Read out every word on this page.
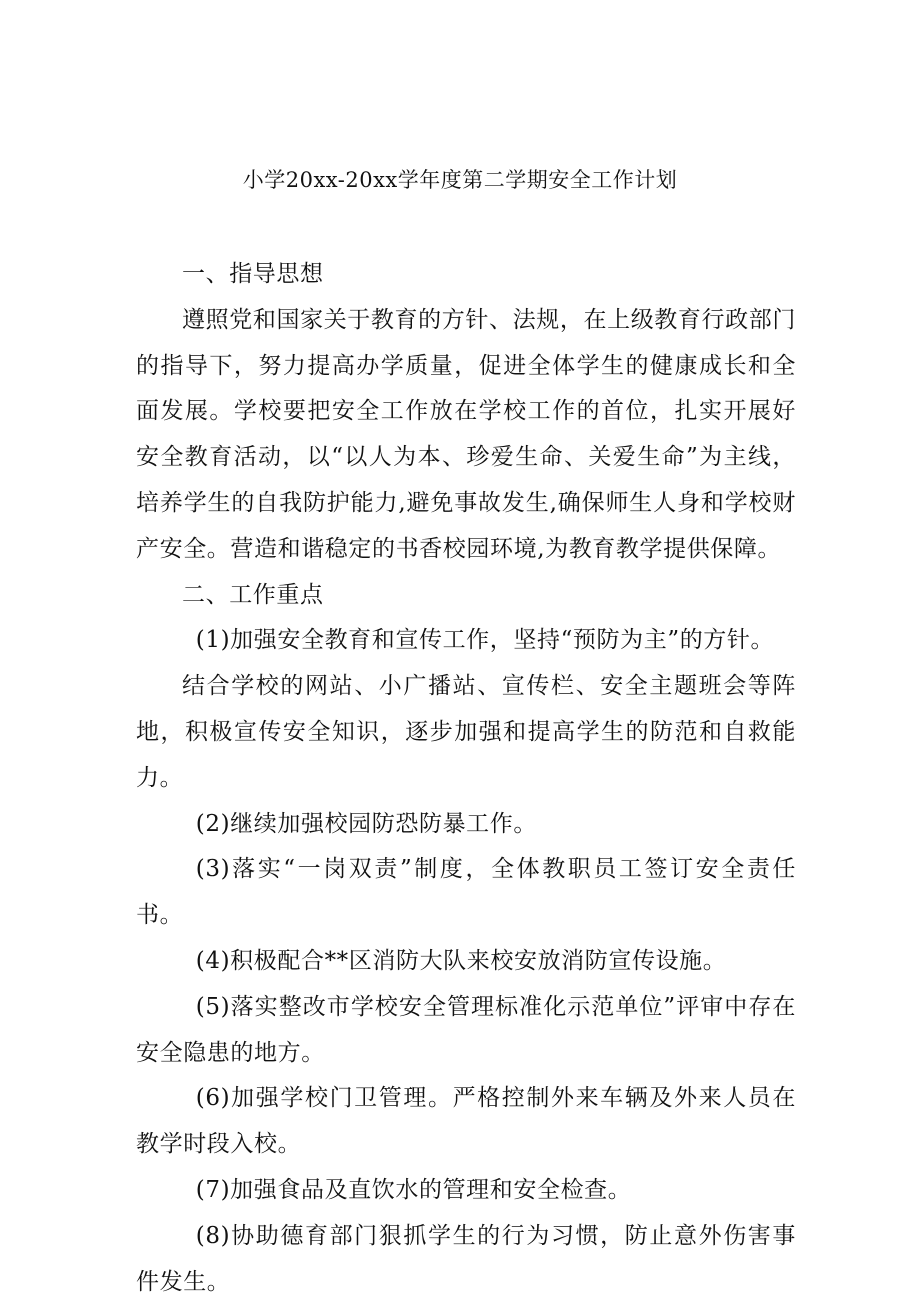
小学20xx-20xx学年度第二学期安全工作计划

一、指导思想

遵照党和国家关于教育的方针、法规，在上级教育行政部门的指导下，努力提高办学质量，促进全体学生的健康成长和全面发展。学校要把安全工作放在学校工作的首位，扎实开展好安全教育活动，以“以人为本、珍爱生命、关爱生命”为主线，培养学生的自我防护能力,避免事故发生,确保师生人身和学校财产安全。营造和谐稳定的书香校园环境,为教育教学提供保障。

二、工作重点

(1)加强安全教育和宣传工作，坚持“预防为主”的方针。

结合学校的网站、小广播站、宣传栏、安全主题班会等阵地，积极宣传安全知识，逐步加强和提高学生的防范和自救能力。

(2)继续加强校园防恐防暴工作。

(3)落实“一岗双责”制度，全体教职员工签订安全责任书。

(4)积极配合**区消防大队来校安放消防宣传设施。

(5)落实整改市学校安全管理标准化示范单位”评审中存在安全隐患的地方。

(6)加强学校门卫管理。严格控制外来车辆及外来人员在教学时段入校。

(7)加强食品及直饮水的管理和安全检查。

(8)协助德育部门狠抓学生的行为习惯，防止意外伤害事件发生。
